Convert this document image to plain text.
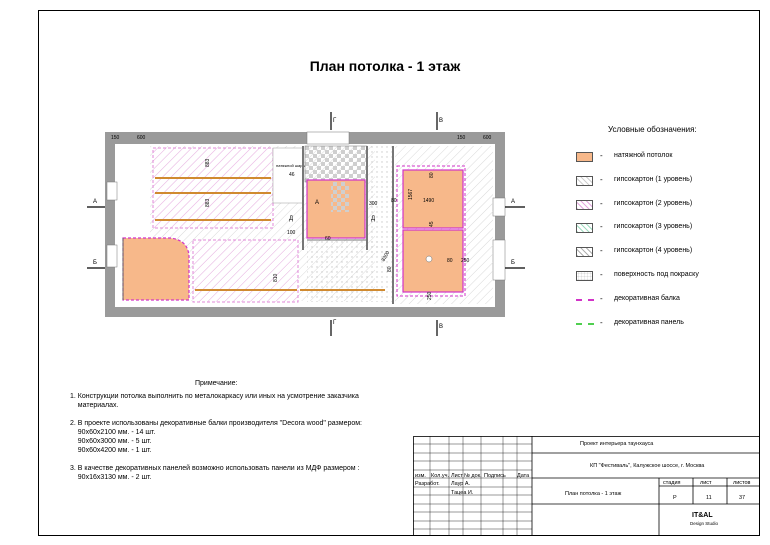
План потолка - 1 этаж
натяжной шары
150	600	150	600
883
883
810
46
100
300	80	1490
1567
80
80
45
250
80
250
8300
60
А	А
Б	Б
Г
Г
В
В
Д	Д
А
Условные обозначения:
- натяжной потолок
- гипсокартон (1 уровень)
- гипсокартон (2 уровень)
- гипсокартон (3 уровень)
- гипсокартон (4 уровень)
- поверхность под покраску
- декоративная балка
- декоративная панель
Примечание:
1. Конструкции потолка выполнить по металокаркасу или иных на усмотрение заказчика
материалах.
2. В проекте использованы декоративные балки производителя "Decora wood" размером:
90x60x2100 мм. - 14 шт.
90x60x3000 мм. - 5 шт.
90x60x4200 мм. - 1 шт.
3. В качестве декоративных панелей возможно использовать панели из МДФ размером :
90x16x3130 мм. - 2 шт.
Проект интерьера таунхауса
КП "Фестиваль", Калужское шоссе, г. Москва
изм. Кол.уч. Лист № док. Подпись Дата
Разработ. Лаур А.
Тацеа И.	План потолка - 1 этаж
стадия	лист	листов
Р	11	37
IT&AL
Design Studio
